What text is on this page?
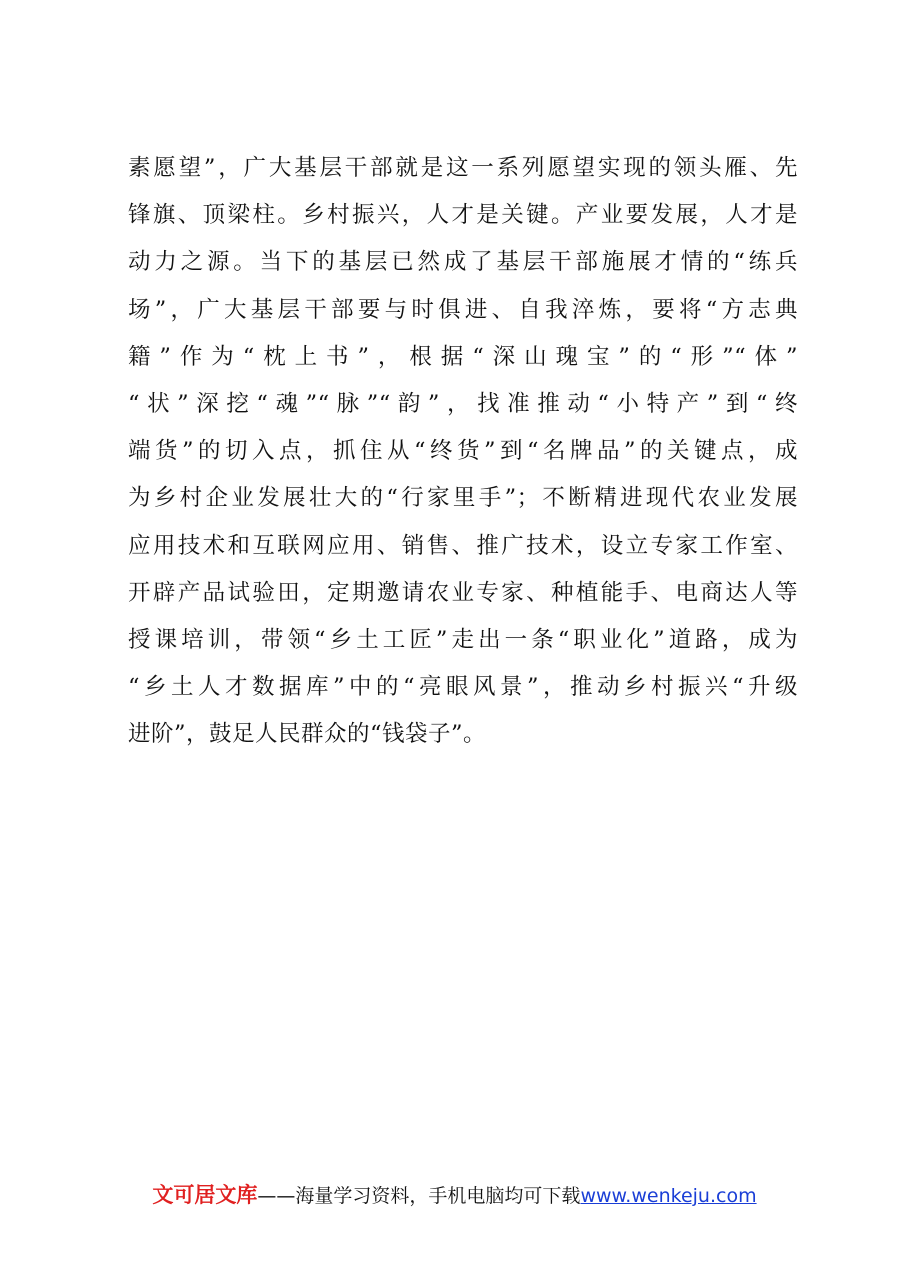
素愿望”，广大基层干部就是这一系列愿望实现的领头雁、先
锋旗、顶梁柱。乡村振兴，人才是关键。产业要发展，人才是
动力之源。当下的基层已然成了基层干部施展才情的“练兵
场”，广大基层干部要与时俱进、自我淬炼，要将“方志典
籍”作为“枕上书”，根据“深山瑰宝”的“形”“体”
“状”深挖“魂”“脉”“韵”，找准推动“小特产”到“终
端货”的切入点，抓住从“终货”到“名牌品”的关键点，成
为乡村企业发展壮大的“行家里手”；不断精进现代农业发展
应用技术和互联网应用、销售、推广技术，设立专家工作室、
开辟产品试验田，定期邀请农业专家、种植能手、电商达人等
授课培训，带领“乡土工匠”走出一条“职业化”道路，成为
“乡土人才数据库”中的“亮眼风景”，推动乡村振兴“升级
进阶”，鼓足人民群众的“钱袋子”。
文可居文库——海量学习资料，手机电脑均可下载www.wenkeju.com
